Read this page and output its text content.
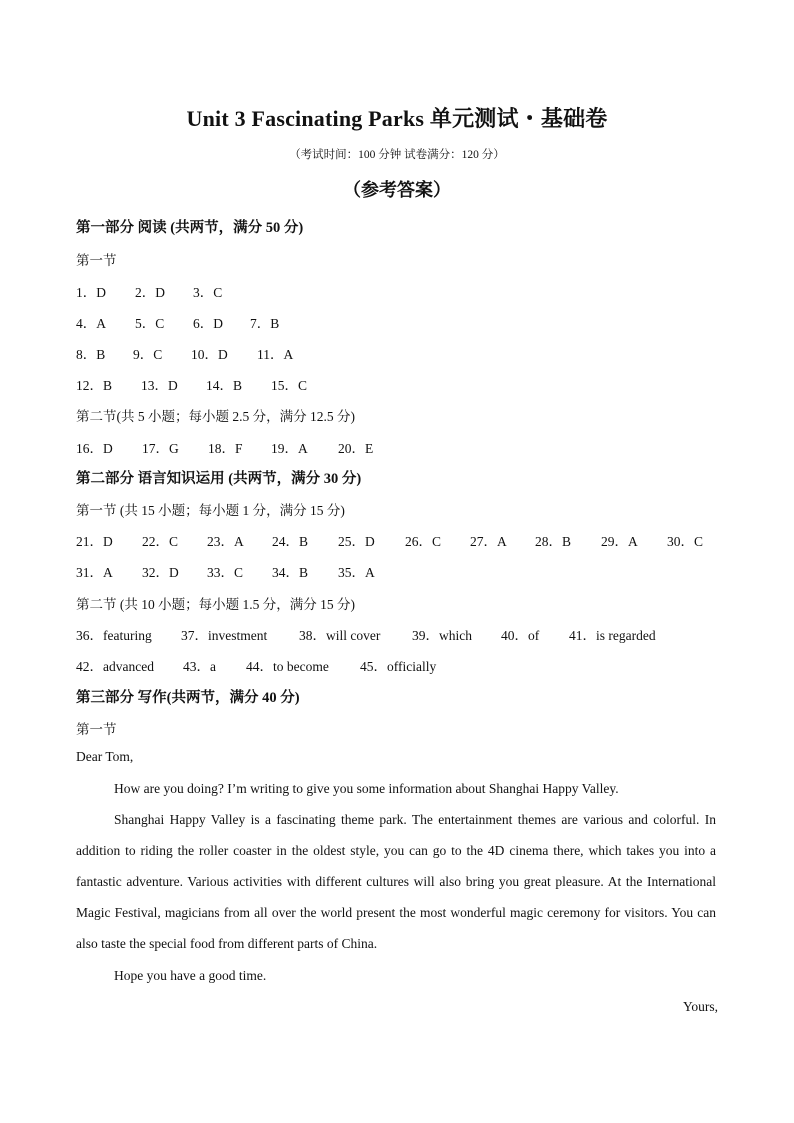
Unit 3 Fascinating Parks 单元测试・基础卷
（考试时间：100 分钟 试卷满分：120 分）
（参考答案）
第一部分 阅读 (共两节，满分 50 分)
第一节
1．D 2．D 3．C
4．A 5．C 6．D 7．B
8．B 9．C 10．D 11．A
12．B 13．D 14．B 15．C
第二节(共 5 小题；每小题 2.5 分，满分 12.5 分)
16．D 17．G 18．F 19．A 20．E
第二部分 语言知识运用 (共两节，满分 30 分)
第一节 (共 15 小题；每小题 1 分，满分 15 分)
21．D 22．C 23．A 24．B 25．D 26．C 27．A 28．B 29．A 30．C
31．A 32．D 33．C 34．B 35．A
第二节 (共 10 小题；每小题 1.5 分，满分 15 分)
36．featuring 37．investment 38．will cover 39．which 40．of 41．is regarded
42．advanced 43．a 44．to become 45．officially
第三部分 写作(共两节，满分 40 分)
第一节
Dear Tom,
How are you doing? I’m writing to give you some information about Shanghai Happy Valley.
Shanghai Happy Valley is a fascinating theme park. The entertainment themes are various and colorful. In addition to riding the roller coaster in the oldest style, you can go to the 4D cinema there, which takes you into a fantastic adventure. Various activities with different cultures will also bring you great pleasure. At the International Magic Festival, magicians from all over the world present the most wonderful magic ceremony for visitors. You can also taste the special food from different parts of China.
Hope you have a good time.
Yours,
